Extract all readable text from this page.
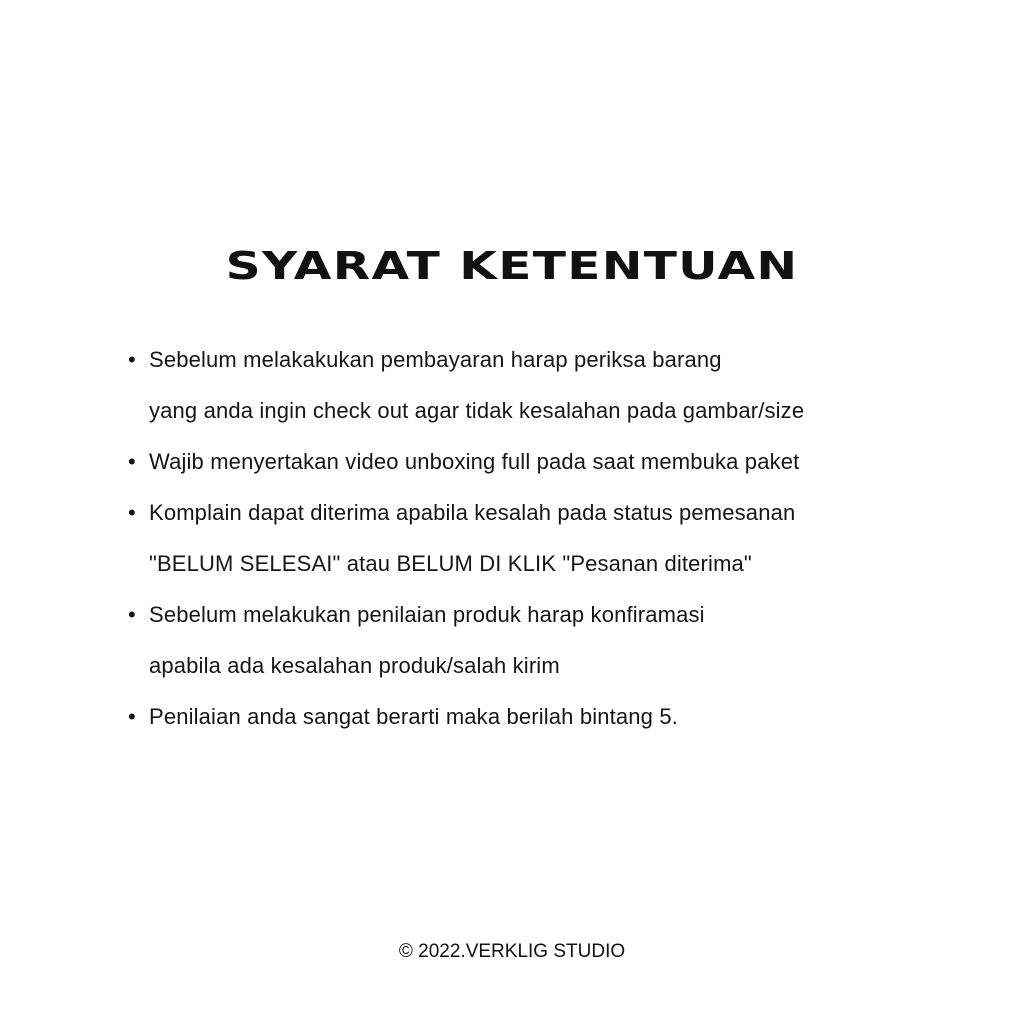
SYARAT KETENTUAN
• Sebelum melakakukan pembayaran harap periksa barang
yang anda ingin check out agar tidak kesalahan pada gambar/size
• Wajib menyertakan video unboxing full pada saat membuka paket
• Komplain dapat diterima apabila kesalah pada status pemesanan
"BELUM SELESAI" atau BELUM DI KLIK "Pesanan diterima"
• Sebelum melakukan penilaian produk harap konfiramasi
apabila ada kesalahan produk/salah kirim
• Penilaian anda sangat berarti maka berilah bintang 5.
© 2022.VERKLIG STUDIO
